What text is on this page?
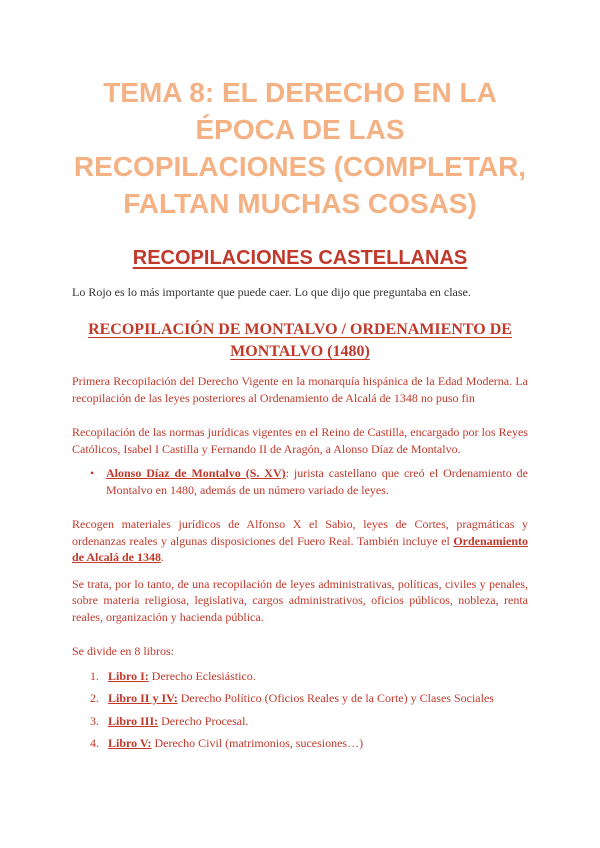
TEMA 8: EL DERECHO EN LA ÉPOCA DE LAS RECOPILACIONES (COMPLETAR, FALTAN MUCHAS COSAS)
RECOPILACIONES CASTELLANAS

Lo Rojo es lo más importante que puede caer. Lo que dijo que preguntaba en clase.

RECOPILACIÓN DE MONTALVO / ORDENAMIENTO DE MONTALVO (1480)

Primera Recopilación del Derecho Vigente en la monarquía hispánica de la Edad Moderna. La recopilación de las leyes posteriores al Ordenamiento de Alcalá de 1348 no puso fin

Recopilación de las normas jurídicas vigentes en el Reino de Castilla, encargado por los Reyes Católicos, Isabel I Castilla y Fernando II de Aragón, a Alonso Díaz de Montalvo.

• Alonso Díaz de Montalvo (S. XV): jurista castellano que creó el Ordenamiento de Montalvo en 1480, además de un número variado de leyes.

Recogen materiales jurídicos de Alfonso X el Sabio, leyes de Cortes, pragmáticas y ordenanzas reales y algunas disposiciones del Fuero Real. También incluye el Ordenamiento de Alcalá de 1348.

Se trata, por lo tanto, de una recopilación de leyes administrativas, políticas, civiles y penales, sobre materia religiosa, legislativa, cargos administrativos, oficios públicos, nobleza, renta reales, organización y hacienda pública.

Se divide en 8 libros:

1. Libro I: Derecho Eclesiástico.
2. Libro II y IV: Derecho Político (Oficios Reales y de la Corte) y Clases Sociales
3. Libro III: Derecho Procesal.
4. Libro V: Derecho Civil (matrimonios, sucesiones…)
